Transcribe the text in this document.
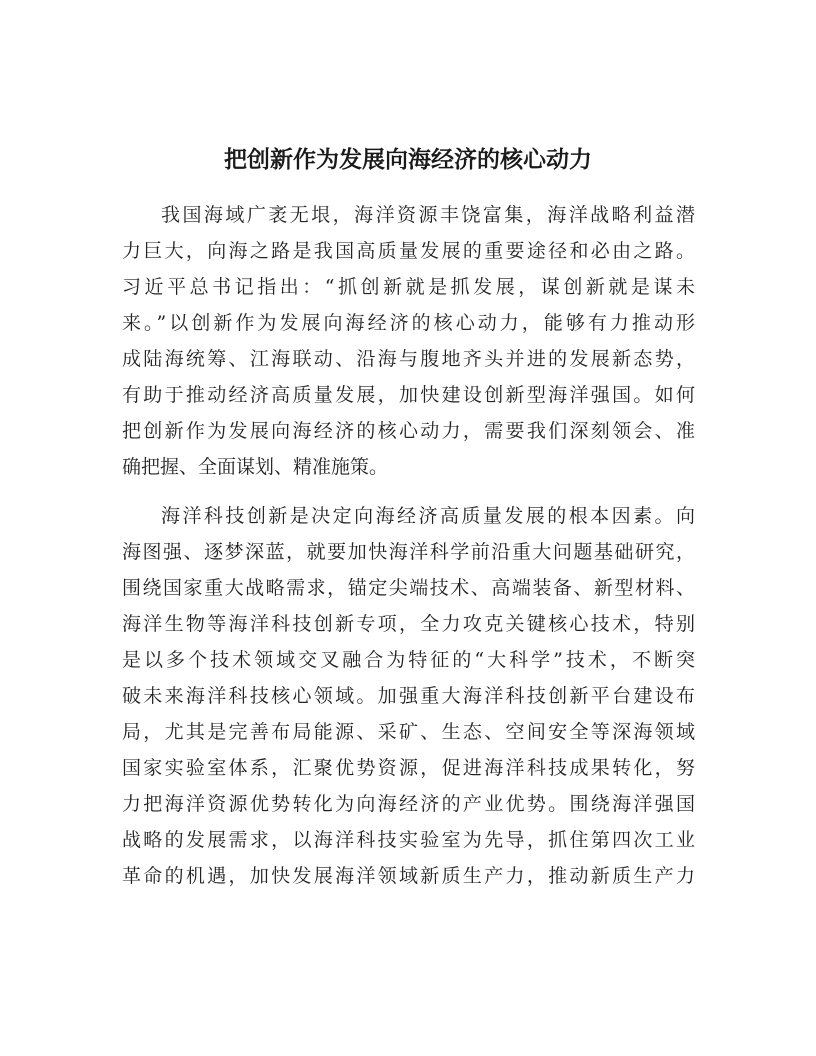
把创新作为发展向海经济的核心动力
我国海域广袤无垠，海洋资源丰饶富集，海洋战略利益潜
力巨大，向海之路是我国高质量发展的重要途径和必由之路。
习近平总书记指出：“抓创新就是抓发展，谋创新就是谋未
来。”以创新作为发展向海经济的核心动力，能够有力推动形
成陆海统筹、江海联动、沿海与腹地齐头并进的发展新态势，
有助于推动经济高质量发展，加快建设创新型海洋强国。如何
把创新作为发展向海经济的核心动力，需要我们深刻领会、准
确把握、全面谋划、精准施策。
海洋科技创新是决定向海经济高质量发展的根本因素。向
海图强、逐梦深蓝，就要加快海洋科学前沿重大问题基础研究，
围绕国家重大战略需求，锚定尖端技术、高端装备、新型材料、
海洋生物等海洋科技创新专项，全力攻克关键核心技术，特别
是以多个技术领域交叉融合为特征的“大科学”技术，不断突
破未来海洋科技核心领域。加强重大海洋科技创新平台建设布
局，尤其是完善布局能源、采矿、生态、空间安全等深海领域
国家实验室体系，汇聚优势资源，促进海洋科技成果转化，努
力把海洋资源优势转化为向海经济的产业优势。围绕海洋强国
战略的发展需求，以海洋科技实验室为先导，抓住第四次工业
革命的机遇，加快发展海洋领域新质生产力，推动新质生产力
